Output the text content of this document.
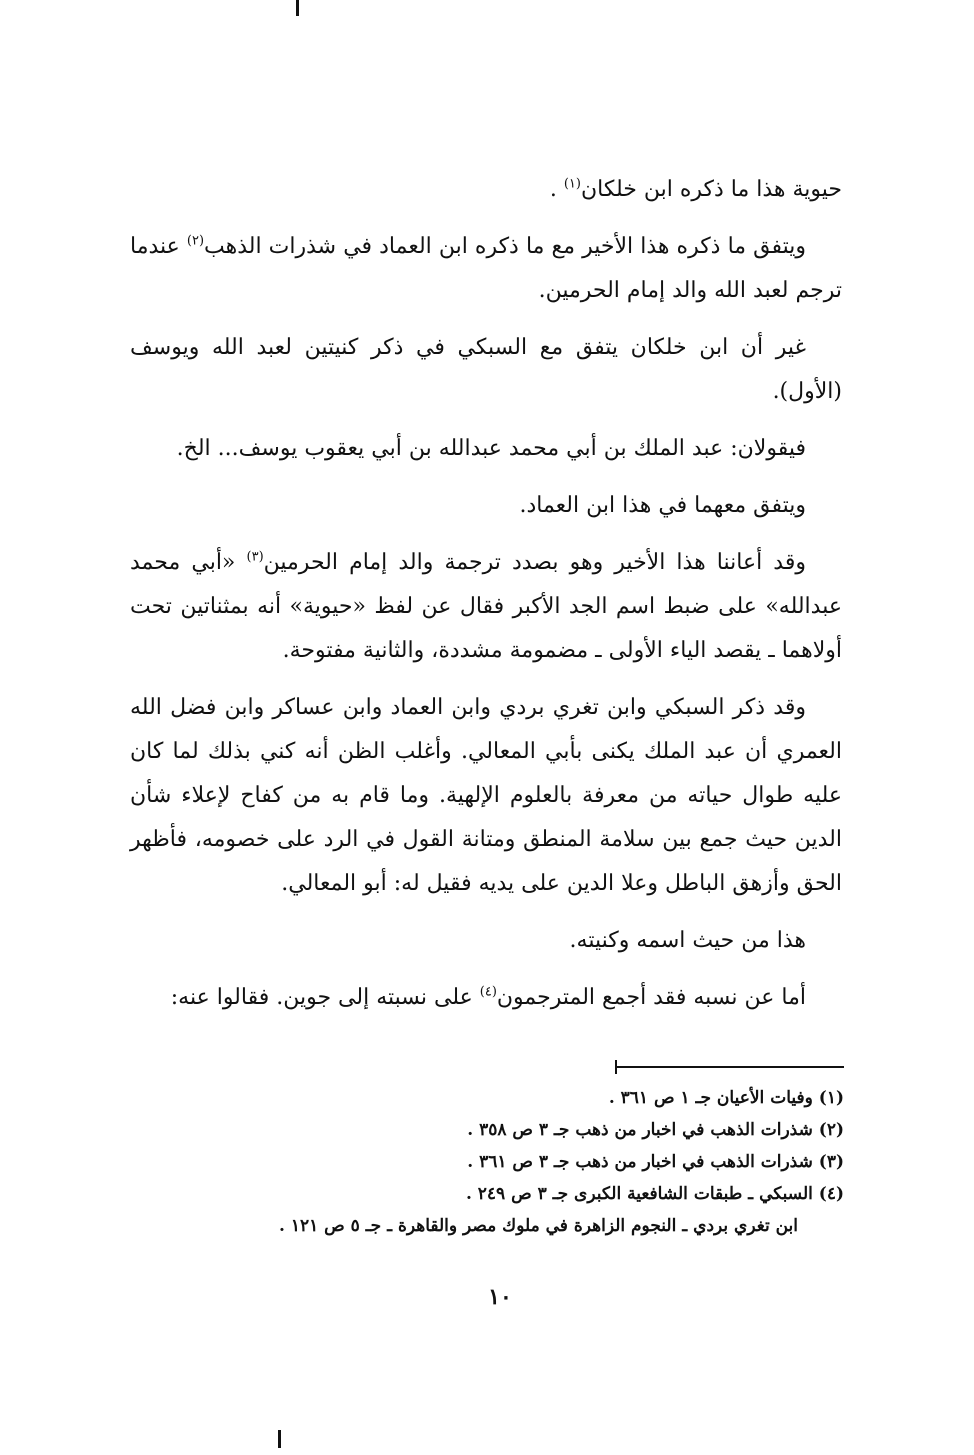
حيوية هذا ما ذكره ابن خلكان$^{(١)}$ .

ويتفق ما ذكره هذا الأخير مع ما ذكره ابن العماد في شذرات الذهب$^{(٢)}$ عندما ترجم لعبد الله والد إمام الحرمين.

غير أن ابن خلكان يتفق مع السبكي في ذكر كنيتين لعبد الله ويوسف (الأول).

فيقولان: عبد الملك بن أبي محمد عبدالله بن أبي يعقوب يوسف... الخ.

ويتفق معهما في هذا ابن العماد.

وقد أعاننا هذا الأخير وهو بصدد ترجمة والد إمام الحرمين$^{(٣)}$ «أبي محمد عبدالله» على ضبط اسم الجد الأكبر فقال عن لفظ «حيوية» أنه بمثناتين تحت أولاهما ـ يقصد الياء الأولى ـ مضمومة مشددة، والثانية مفتوحة.

وقد ذكر السبكي وابن تغري بردي وابن العماد وابن عساكر وابن فضل الله العمري أن عبد الملك يكنى بأبي المعالي. وأغلب الظن أنه كني بذلك لما كان عليه طوال حياته من معرفة بالعلوم الإلهية. وما قام به من كفاح لإعلاء شأن الدين حيث جمع بين سلامة المنطق ومتانة القول في الرد على خصومه، فأظهر الحق وأزهق الباطل وعلا الدين على يديه فقيل له: أبو المعالي.

هذا من حيث اسمه وكنيته.

أما عن نسبه فقد أجمع المترجمون$^{(٤)}$ على نسبته إلى جوين. فقالوا عنه:

(١) وفيات الأعيان جـ ١ ص ٣٦١ .

(٢) شذرات الذهب في اخبار من ذهب جـ ٣ ص ٣٥٨ .

(٣) شذرات الذهب في اخبار من ذهب جـ ٣ ص ٣٦١ .

(٤) السبكي ـ طبقات الشافعية الكبرى جـ ٣ ص ٢٤٩ .

ابن تغري بردي ـ النجوم الزاهرة في ملوك مصر والقاهرة ـ جـ ٥ ص ١٢١ .

١٠
